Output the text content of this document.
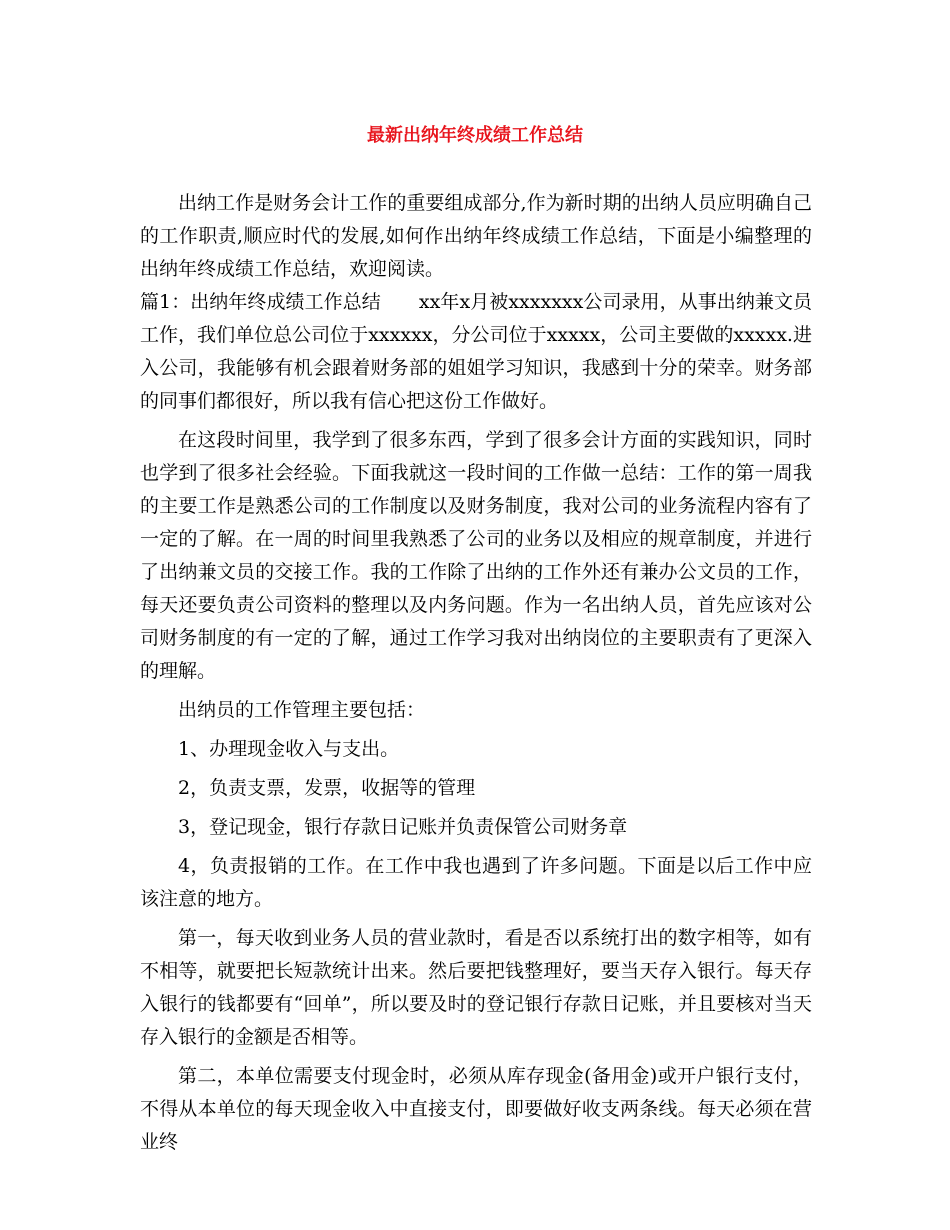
最新出纳年终成绩工作总结

出纳工作是财务会计工作的重要组成部分,作为新时期的出纳人员应明确自己的工作职责,顺应时代的发展,如何作出纳年终成绩工作总结，下面是小编整理的出纳年终成绩工作总结，欢迎阅读。

篇1：出纳年终成绩工作总结　　xx年x月被xxxxxxx公司录用，从事出纳兼文员工作，我们单位总公司位于xxxxxx，分公司位于xxxxx，公司主要做的xxxxx.进入公司，我能够有机会跟着财务部的姐姐学习知识，我感到十分的荣幸。财务部的同事们都很好，所以我有信心把这份工作做好。

在这段时间里，我学到了很多东西，学到了很多会计方面的实践知识，同时也学到了很多社会经验。下面我就这一段时间的工作做一总结：工作的第一周我的主要工作是熟悉公司的工作制度以及财务制度，我对公司的业务流程内容有了一定的了解。在一周的时间里我熟悉了公司的业务以及相应的规章制度，并进行了出纳兼文员的交接工作。我的工作除了出纳的工作外还有兼办公文员的工作，每天还要负责公司资料的整理以及内务问题。作为一名出纳人员，首先应该对公司财务制度的有一定的了解，通过工作学习我对出纳岗位的主要职责有了更深入的理解。

出纳员的工作管理主要包括：

1、办理现金收入与支出。

2，负责支票，发票，收据等的管理

3，登记现金，银行存款日记账并负责保管公司财务章

4，负责报销的工作。在工作中我也遇到了许多问题。下面是以后工作中应该注意的地方。

第一，每天收到业务人员的营业款时，看是否以系统打出的数字相等，如有不相等，就要把长短款统计出来。然后要把钱整理好，要当天存入银行。每天存入银行的钱都要有“回单”，所以要及时的登记银行存款日记账，并且要核对当天存入银行的金额是否相等。

第二，本单位需要支付现金时，必须从库存现金(备用金)或开户银行支付，不得从本单位的每天现金收入中直接支付，即要做好收支两条线。每天必须在营业终
